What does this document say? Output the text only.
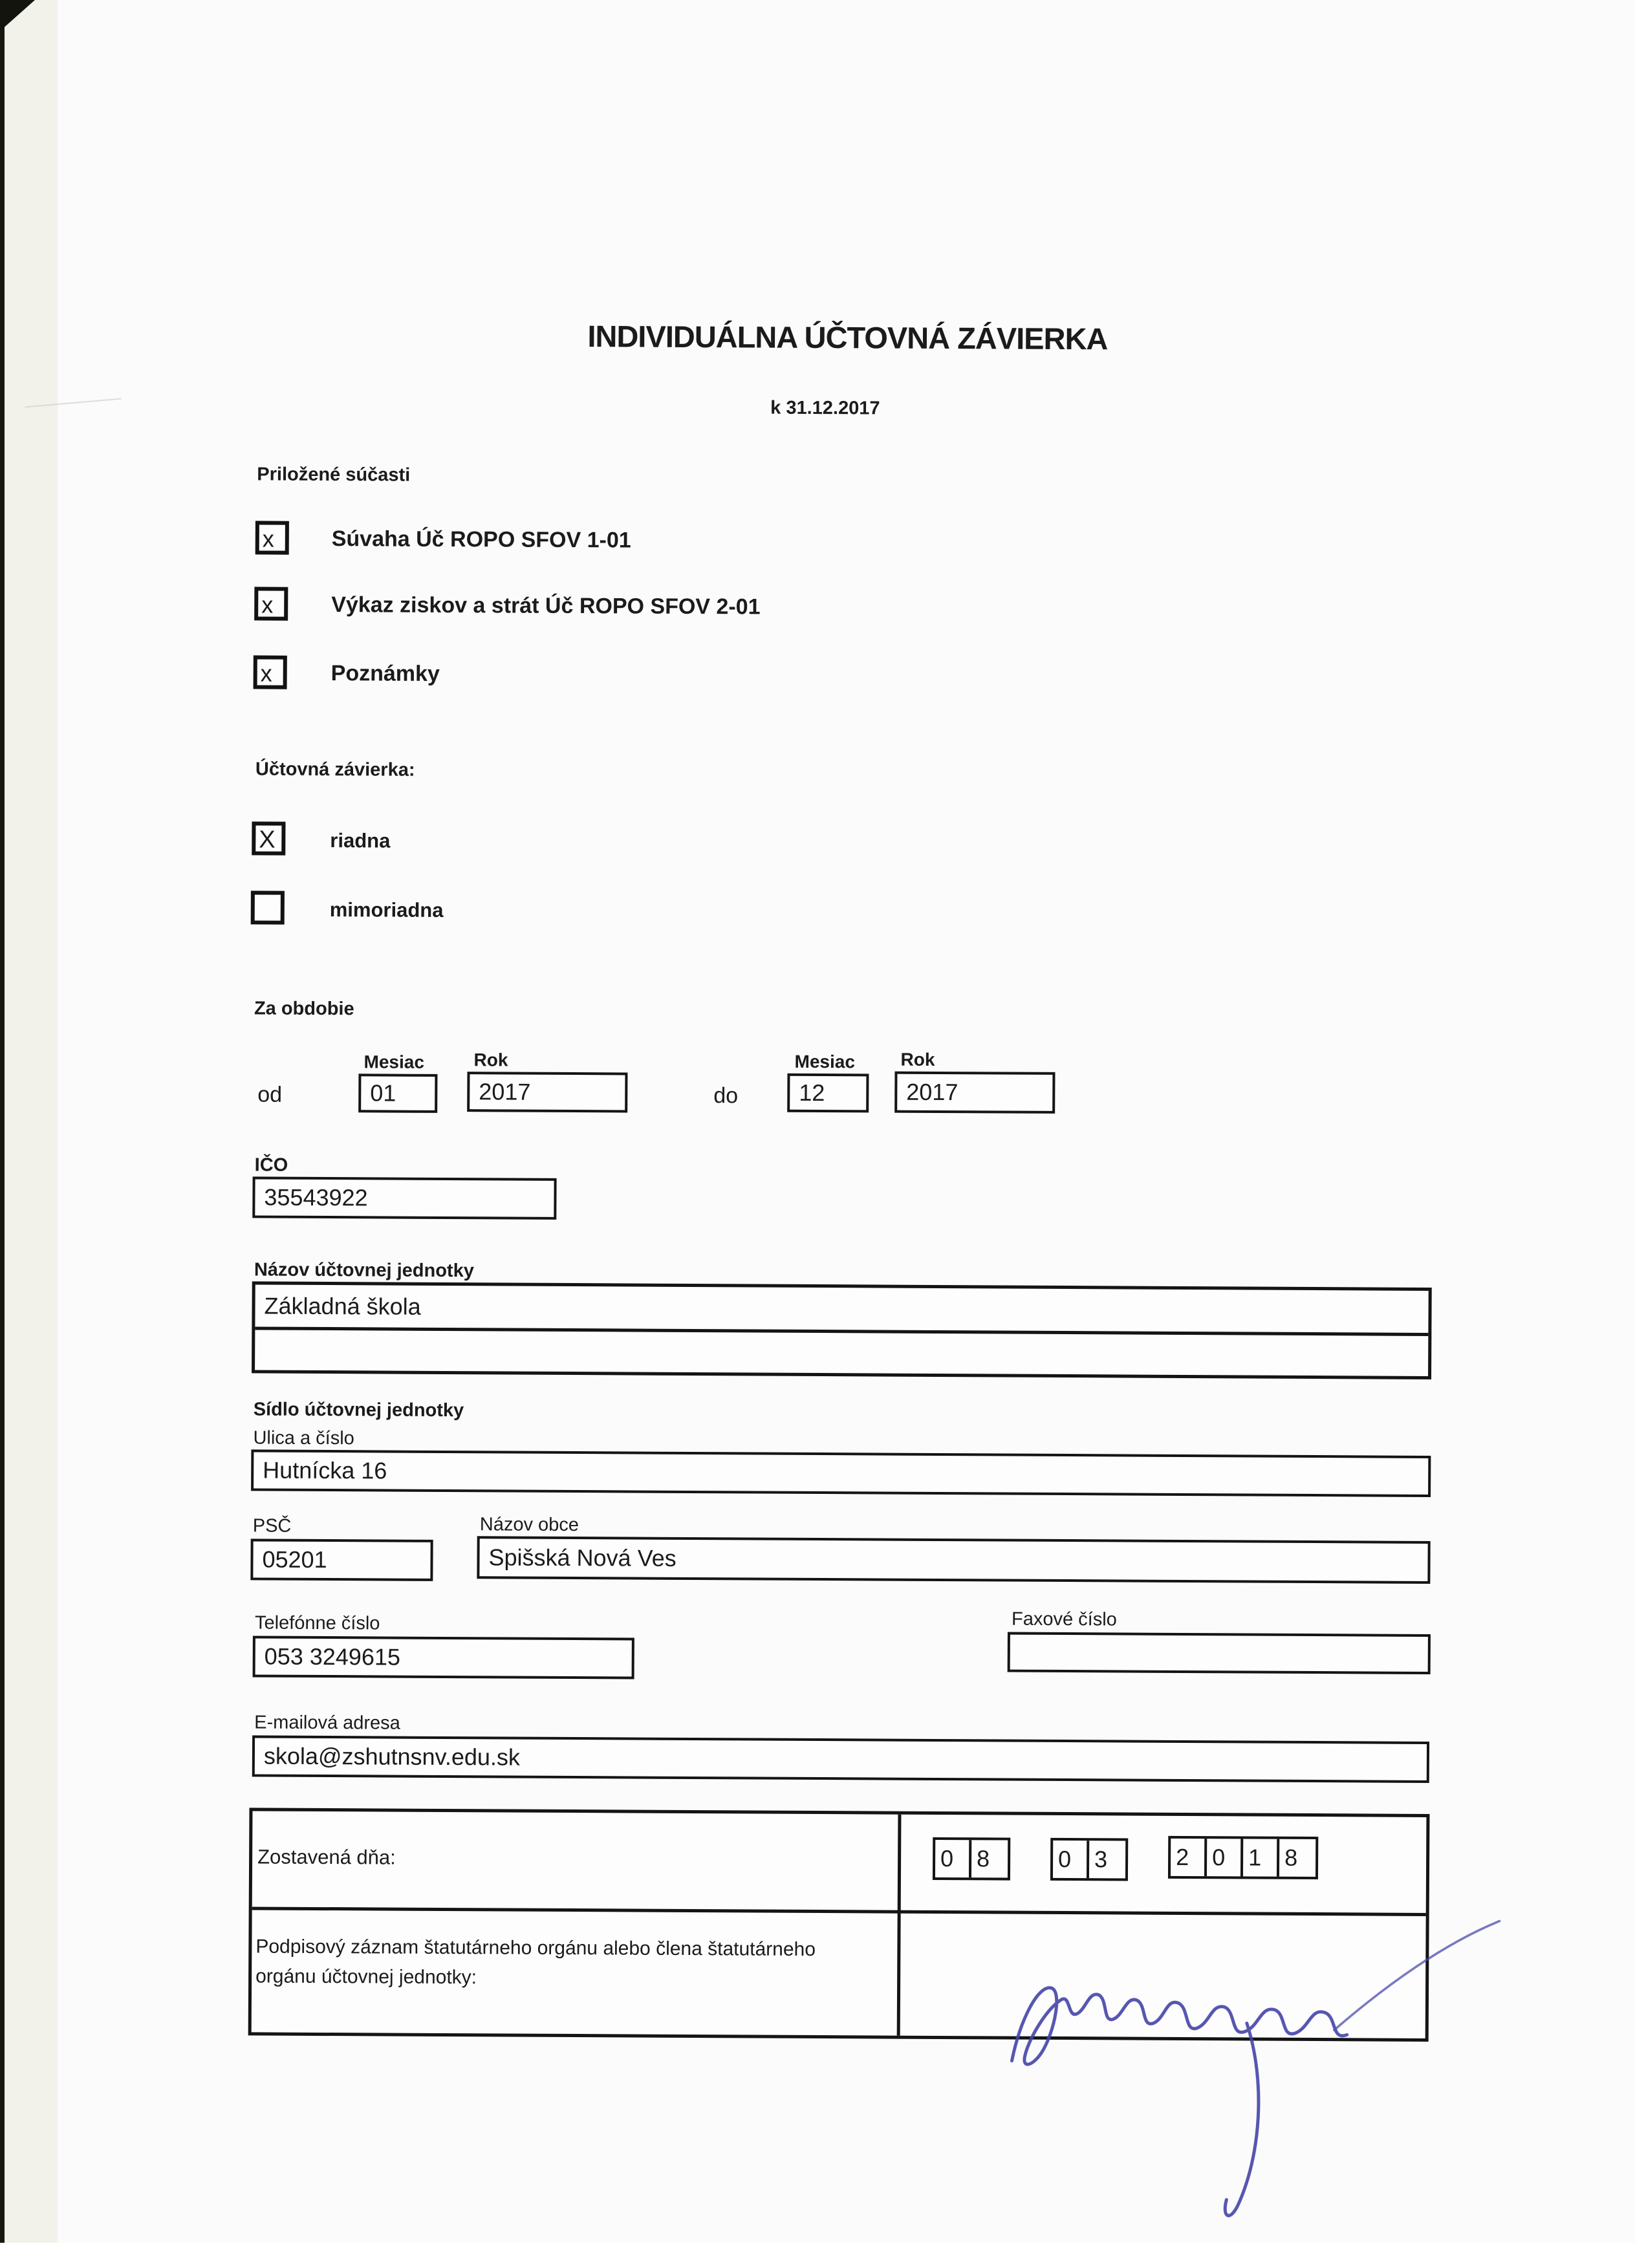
INDIVIDUÁLNA ÚČTOVNÁ ZÁVIERKA
k 31.12.2017
Priložené súčasti
x	Súvaha Úč ROPO SFOV 1-01
x	Výkaz ziskov a strát Úč ROPO SFOV 2-01
x	Poznámky
Účtovná závierka:
X	riadna
mimoriadna
Za obdobie
od
Mesiac
01
Rok
2017	do
Mesiac
12
Rok
2017
IČO
35543922
Názov účtovnej jednotky
Základná škola
Sídlo účtovnej jednotky
Ulica a číslo
Hutnícka 16
PSČ
05201
Názov obce
Spišská Nová Ves
Telefónne číslo
053 3249615
Faxové číslo
E-mailová adresa
skola@zshutnsnv.edu.sk
Zostavená dňa:	0 8	0 3	2 0 1 8
Podpisový záznam štatutárneho orgánu alebo člena štatutárneho orgánu účtovnej jednotky:
